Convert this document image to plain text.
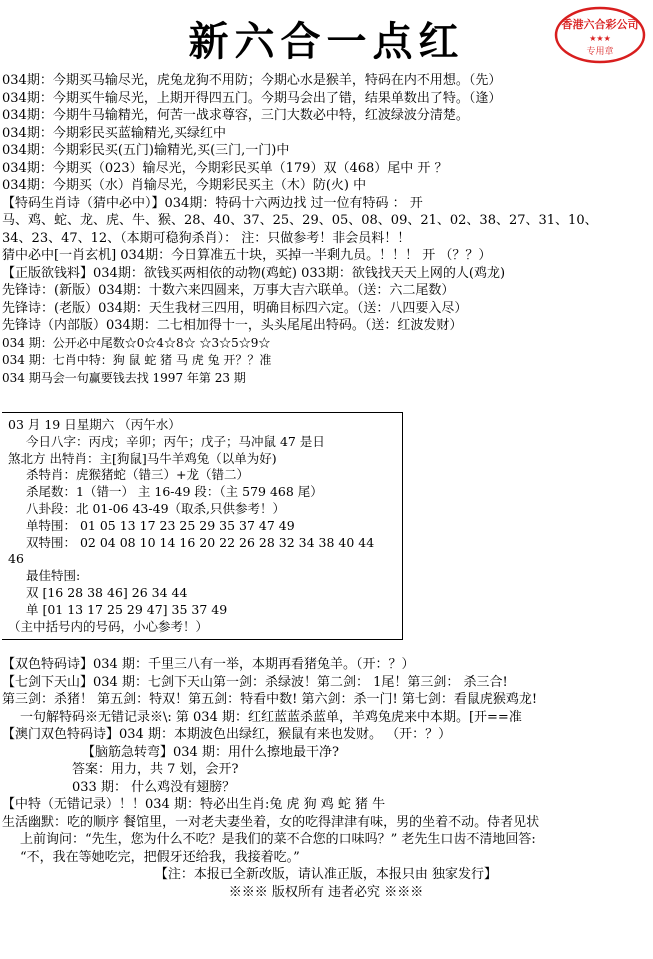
新六合一点红	香港六合彩公司
★★★
专用章
034期：今期买马输尽光，虎兔龙狗不用防；今期心水是猴羊，特码在内不用想。（先）
034期：今期买牛输尽光，上期开得四五门。今期马会出了错，结果单数出了特。（逢）
034期：今期牛马输精光，何苦一战求尊容，三门大数必中特，红波绿波分清楚。
034期：今期彩民买蓝输精光,买绿红中
034期：今期彩民买(五门)输精光,买(三门,一门)中
034期：今期买（023）输尽光，今期彩民买单（179）双（468）尾中 开 ？
034期：今期买（水）肖输尽光，今期彩民买主（木）防(火) 中
【特码生肖诗（猜中必中）】034期：特码十六两边找 过一位有特码 ： 开
马、鸡、蛇、龙、虎、牛、猴、28、40、37、25、29、05、08、09、21、02、38、27、31、10、
34、23、47、12、（本期可稳狗杀肖）： 注：只做参考！非会员料！！
猜中必中[一肖玄机] 034期：今日算准五十块，买掉一半剩九员。！！！ 开 （？？）
【正版欲钱料】034期：欲钱买两相依的动物(鸡蛇) 033期：欲钱找天天上网的人(鸡龙)
先锋诗：(新版）034期：十数六来四圆来，万事大吉六联单。（送：六二尾数）
先锋诗：(老版）034期：天生我材三四用，明确目标四六定。（送：八四要入尽）
先锋诗（内部版）034期：二七相加得十一，头头尾尾出特码。（送：红波发财）
034 期：公开必中尾数☆0☆4☆8☆ ☆3☆5☆9☆
034 期：七肖中特：狗 鼠 蛇 猪 马 虎 兔 开？？准
034 期马会一句赢要钱去找 1997 年第 23 期
03 月 19 日星期六 （丙午水）
今日八字：丙戌；辛卯；丙午；戊子；马冲鼠 47 是日
煞北方 出特肖：主[狗鼠]马牛羊鸡兔（以单为好)
杀特肖：虎猴猪蛇（错三）+龙（错二）
杀尾数：1（错一） 主 16-49 段：（主 579 468 尾）
八卦段：北 01-06 43-49（取杀,只供参考！）
单特围： 01 05 13 17 23 25 29 35 37 47 49
双特围： 02 04 08 10 14 16 20 22 26 28 32 34 38 40 44
46
最佳特围:
双 [16 28 38 46] 26 34 44
单 [01 13 17 25 29 47] 35 37 49
（主中括号内的号码，小心参考！）
【双色特码诗】034 期：千里三八有一举，本期再看猪兔羊。（开：？）
【七剑下天山】034 期：七剑下天山第一剑：杀绿波！第二剑： 1尾！第三剑： 杀三合!
第三剑：杀猪！ 第五剑：特双！第五剑：特看中数! 第六剑：杀一门! 第七剑：看鼠虎猴鸡龙!
一句解特码※无错记录※\: 第 034 期：红红蓝蓝杀蓝单，羊鸡兔虎来中本期。[开==准
【澳门双色特码诗】034 期：本期波色出绿红，猴鼠有来也发财。 （开：？）
【脑筋急转弯】034 期：用什么擦地最干净?
答案：用力，共 7 划，会开?
033 期： 什么鸡没有翅膀？
【中特（无错记录）！！034 期：特必出生肖:兔 虎 狗 鸡 蛇 猪 牛
生活幽默：吃的顺序 餐馆里，一对老夫妻坐着，女的吃得津津有味，男的坐着不动。侍者见状
上前询问：“先生，您为什么不吃？是我们的菜不合您的口味吗？” 老先生口齿不清地回答:
“不，我在等她吃完，把假牙还给我，我接着吃。”
【注：本报已全新改版，请认准正版，本报只由 独家发行】
※※※ 版权所有 违者必究 ※※※
